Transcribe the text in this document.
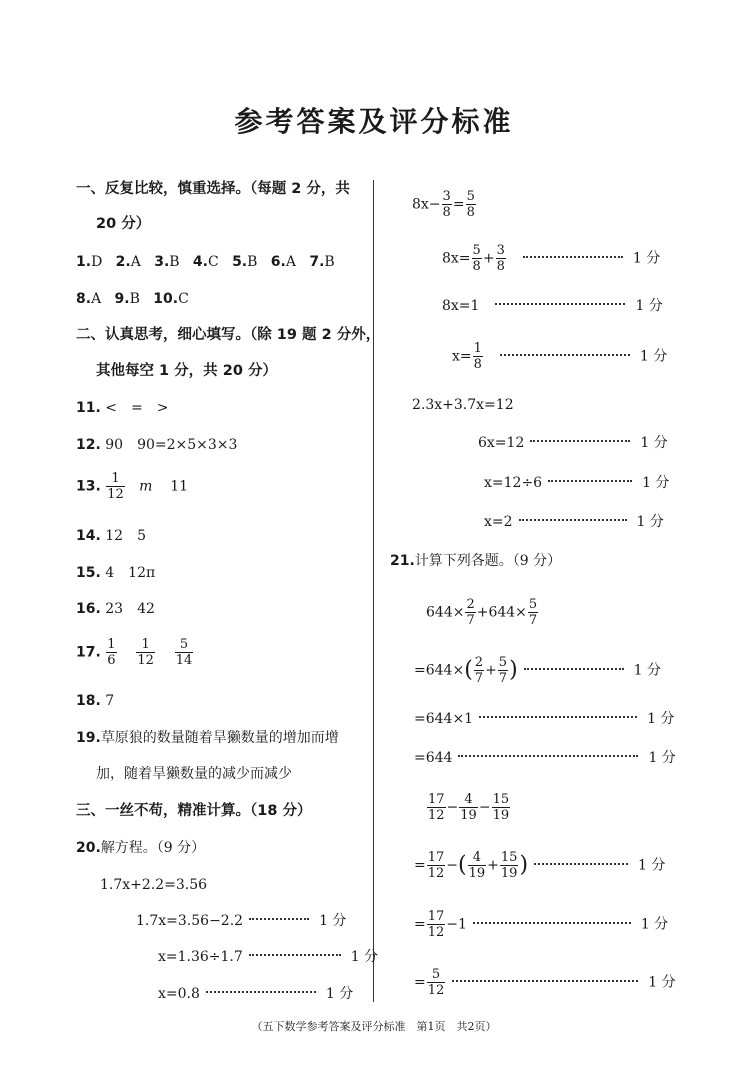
参考答案及评分标准
一、反复比较，慎重选择。（每题 2 分，共
20 分）
1.D 2.A 3.B 4.C 5.B 6.A 7.B
8.A 9.B 10.C
二、认真思考，细心填写。（除 19 题 2 分外，
其他每空 1 分，共 20 分）
11. <　=　>
12. 90　90=2×5×3×3
13. $\frac{1}{12}$ m 11
14. 12　5
15. 4　12π
16. 23　42
17. $\frac{1}{6}$
$\frac{1}{12}$
$\frac{5}{14}$
18. 7
19.草原狼的数量随着旱獭数量的增加而增
加，随着旱獭数量的减少而减少
三、一丝不苟，精准计算。（18 分）
20.解方程。（9 分）
1.7x+2.2=3.56
1.7x=3.56−2.2	1 分
x=1.36÷1.7	1 分
x=0.8	1 分
$8x- \frac{3}{8} = \frac{5}{8}$
$8x= \frac{5}{8} + \frac{3}{8}$	1 分
8x=1	1 分
$x= \frac{1}{8}$	1 分
2.3x+3.7x=12
6x=12	1 分
x=12÷6	1 分
x=2	1 分
21.计算下列各题。（9 分）
$644\times \frac{2}{7} +644\times \frac{5}{7}$
$=644\times( \frac{2}{7} + \frac{5}{7}$ )	1 分
=644×1	1 分
=644	1 分
$\frac{17}{12} - \frac{4}{19} - \frac{15}{19}$
= $\frac{17}{12}$ −( $\frac{4}{19} + \frac{15}{19}$ )	1 分
= $\frac{17}{12} -1$	1 分
= $\frac{5}{12}$	1 分
（五下数学参考答案及评分标准　第1页　共2页）
